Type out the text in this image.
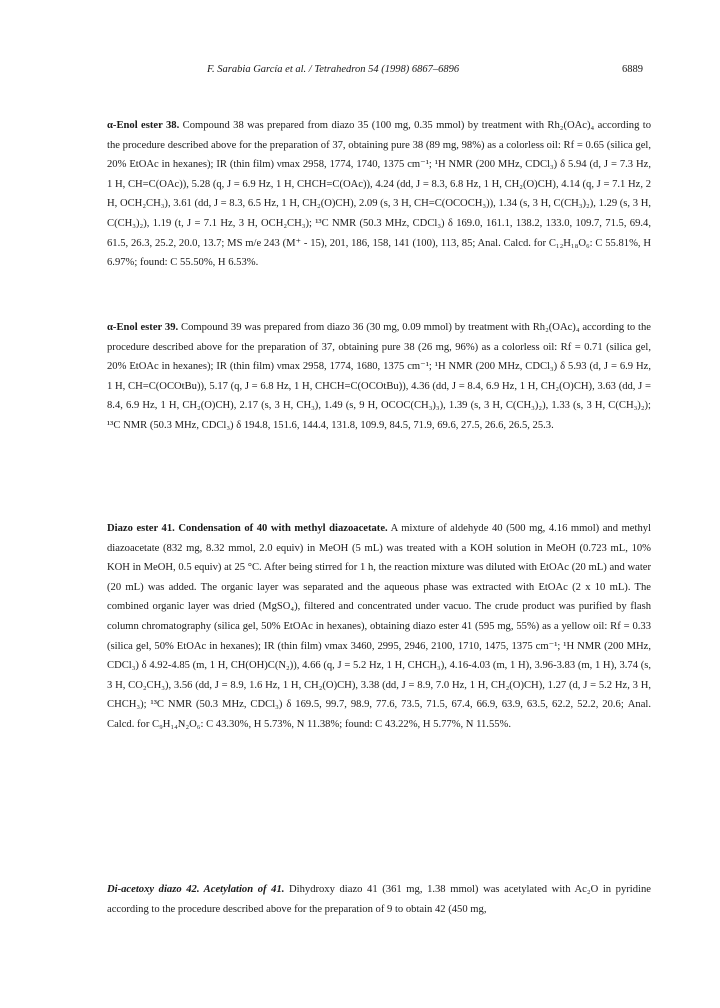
F. Sarabia García et al. / Tetrahedron 54 (1998) 6867–6896	6889

α-Enol ester 38. Compound 38 was prepared from diazo 35 (100 mg, 0.35 mmol) by treatment with Rh₂(OAc)₄ according to the procedure described above for the preparation of 37, obtaining pure 38 (89 mg, 98%) as a colorless oil: Rf = 0.65 (silica gel, 20% EtOAc in hexanes); IR (thin film) νmax 2958, 1774, 1740, 1375 cm⁻¹; ¹H NMR (200 MHz, CDCl₃) δ 5.94 (d, J = 7.3 Hz, 1 H, CH=C(OAc)), 5.28 (q, J = 6.9 Hz, 1 H, CHCH=C(OAc)), 4.24 (dd, J = 8.3, 6.8 Hz, 1 H, CH₂(O)CH), 4.14 (q, J = 7.1 Hz, 2 H, OCH₂CH₃), 3.61 (dd, J = 8.3, 6.5 Hz, 1 H, CH₂(O)CH), 2.09 (s, 3 H, CH=C(OCOCH₃)), 1.34 (s, 3 H, C(CH₃)₂), 1.29 (s, 3 H, C(CH₃)₂), 1.19 (t, J = 7.1 Hz, 3 H, OCH₂CH₃); ¹³C NMR (50.3 MHz, CDCl₃) δ 169.0, 161.1, 138.2, 133.0, 109.7, 71.5, 69.4, 61.5, 26.3, 25.2, 20.0, 13.7; MS m/e 243 (M⁺ - 15), 201, 186, 158, 141 (100), 113, 85; Anal. Calcd. for C₁₂H₁₈O₆: C 55.81%, H 6.97%; found: C 55.50%, H 6.53%.

α-Enol ester 39. Compound 39 was prepared from diazo 36 (30 mg, 0.09 mmol) by treatment with Rh₂(OAc)₄ according to the procedure described above for the preparation of 37, obtaining pure 38 (26 mg, 96%) as a colorless oil: Rf = 0.71 (silica gel, 20% EtOAc in hexanes); IR (thin film) νmax 2958, 1774, 1680, 1375 cm⁻¹; ¹H NMR (200 MHz, CDCl₃) δ 5.93 (d, J = 6.9 Hz, 1 H, CH=C(OCOtBu)), 5.17 (q, J = 6.8 Hz, 1 H, CHCH=C(OCOtBu)), 4.36 (dd, J = 8.4, 6.9 Hz, 1 H, CH₂(O)CH), 3.63 (dd, J = 8.4, 6.9 Hz, 1 H, CH₂(O)CH), 2.17 (s, 3 H, CH₃), 1.49 (s, 9 H, OCOC(CH₃)₃), 1.39 (s, 3 H, C(CH₃)₂), 1.33 (s, 3 H, C(CH₃)₂); ¹³C NMR (50.3 MHz, CDCl₃) δ 194.8, 151.6, 144.4, 131.8, 109.9, 84.5, 71.9, 69.6, 27.5, 26.6, 26.5, 25.3.

Diazo ester 41. Condensation of 40 with methyl diazoacetate. A mixture of aldehyde 40 (500 mg, 4.16 mmol) and methyl diazoacetate (832 mg, 8.32 mmol, 2.0 equiv) in MeOH (5 mL) was treated with a KOH solution in MeOH (0.723 mL, 10% KOH in MeOH, 0.5 equiv) at 25 °C. After being stirred for 1 h, the reaction mixture was diluted with EtOAc (20 mL) and water (20 mL) was added. The organic layer was separated and the aqueous phase was extracted with EtOAc (2 x 10 mL). The combined organic layer was dried (MgSO₄), filtered and concentrated under vacuo. The crude product was purified by flash column chromatography (silica gel, 50% EtOAc in hexanes), obtaining diazo ester 41 (595 mg, 55%) as a yellow oil: Rf = 0.33 (silica gel, 50% EtOAc in hexanes); IR (thin film) νmax 3460, 2995, 2946, 2100, 1710, 1475, 1375 cm⁻¹; ¹H NMR (200 MHz, CDCl₃) δ 4.92-4.85 (m, 1 H, CH(OH)C(N₂)), 4.66 (q, J = 5.2 Hz, 1 H, CHCH₃), 4.16-4.03 (m, 1 H), 3.96-3.83 (m, 1 H), 3.74 (s, 3 H, CO₂CH₃), 3.56 (dd, J = 8.9, 1.6 Hz, 1 H, CH₂(O)CH), 3.38 (dd, J = 8.9, 7.0 Hz, 1 H, CH₂(O)CH), 1.27 (d, J = 5.2 Hz, 3 H, CHCH₃); ¹³C NMR (50.3 MHz, CDCl₃) δ 169.5, 99.7, 98.9, 77.6, 73.5, 71.5, 67.4, 66.9, 63.9, 63.5, 62.2, 52.2, 20.6; Anal. Calcd. for C₉H₁₄N₂O₆: C 43.30%, H 5.73%, N 11.38%; found: C 43.22%, H 5.77%, N 11.55%.

Di-acetoxy diazo 42. Acetylation of 41. Dihydroxy diazo 41 (361 mg, 1.38 mmol) was acetylated with Ac₂O in pyridine according to the procedure described above for the preparation of 9 to obtain 42 (450 mg,
